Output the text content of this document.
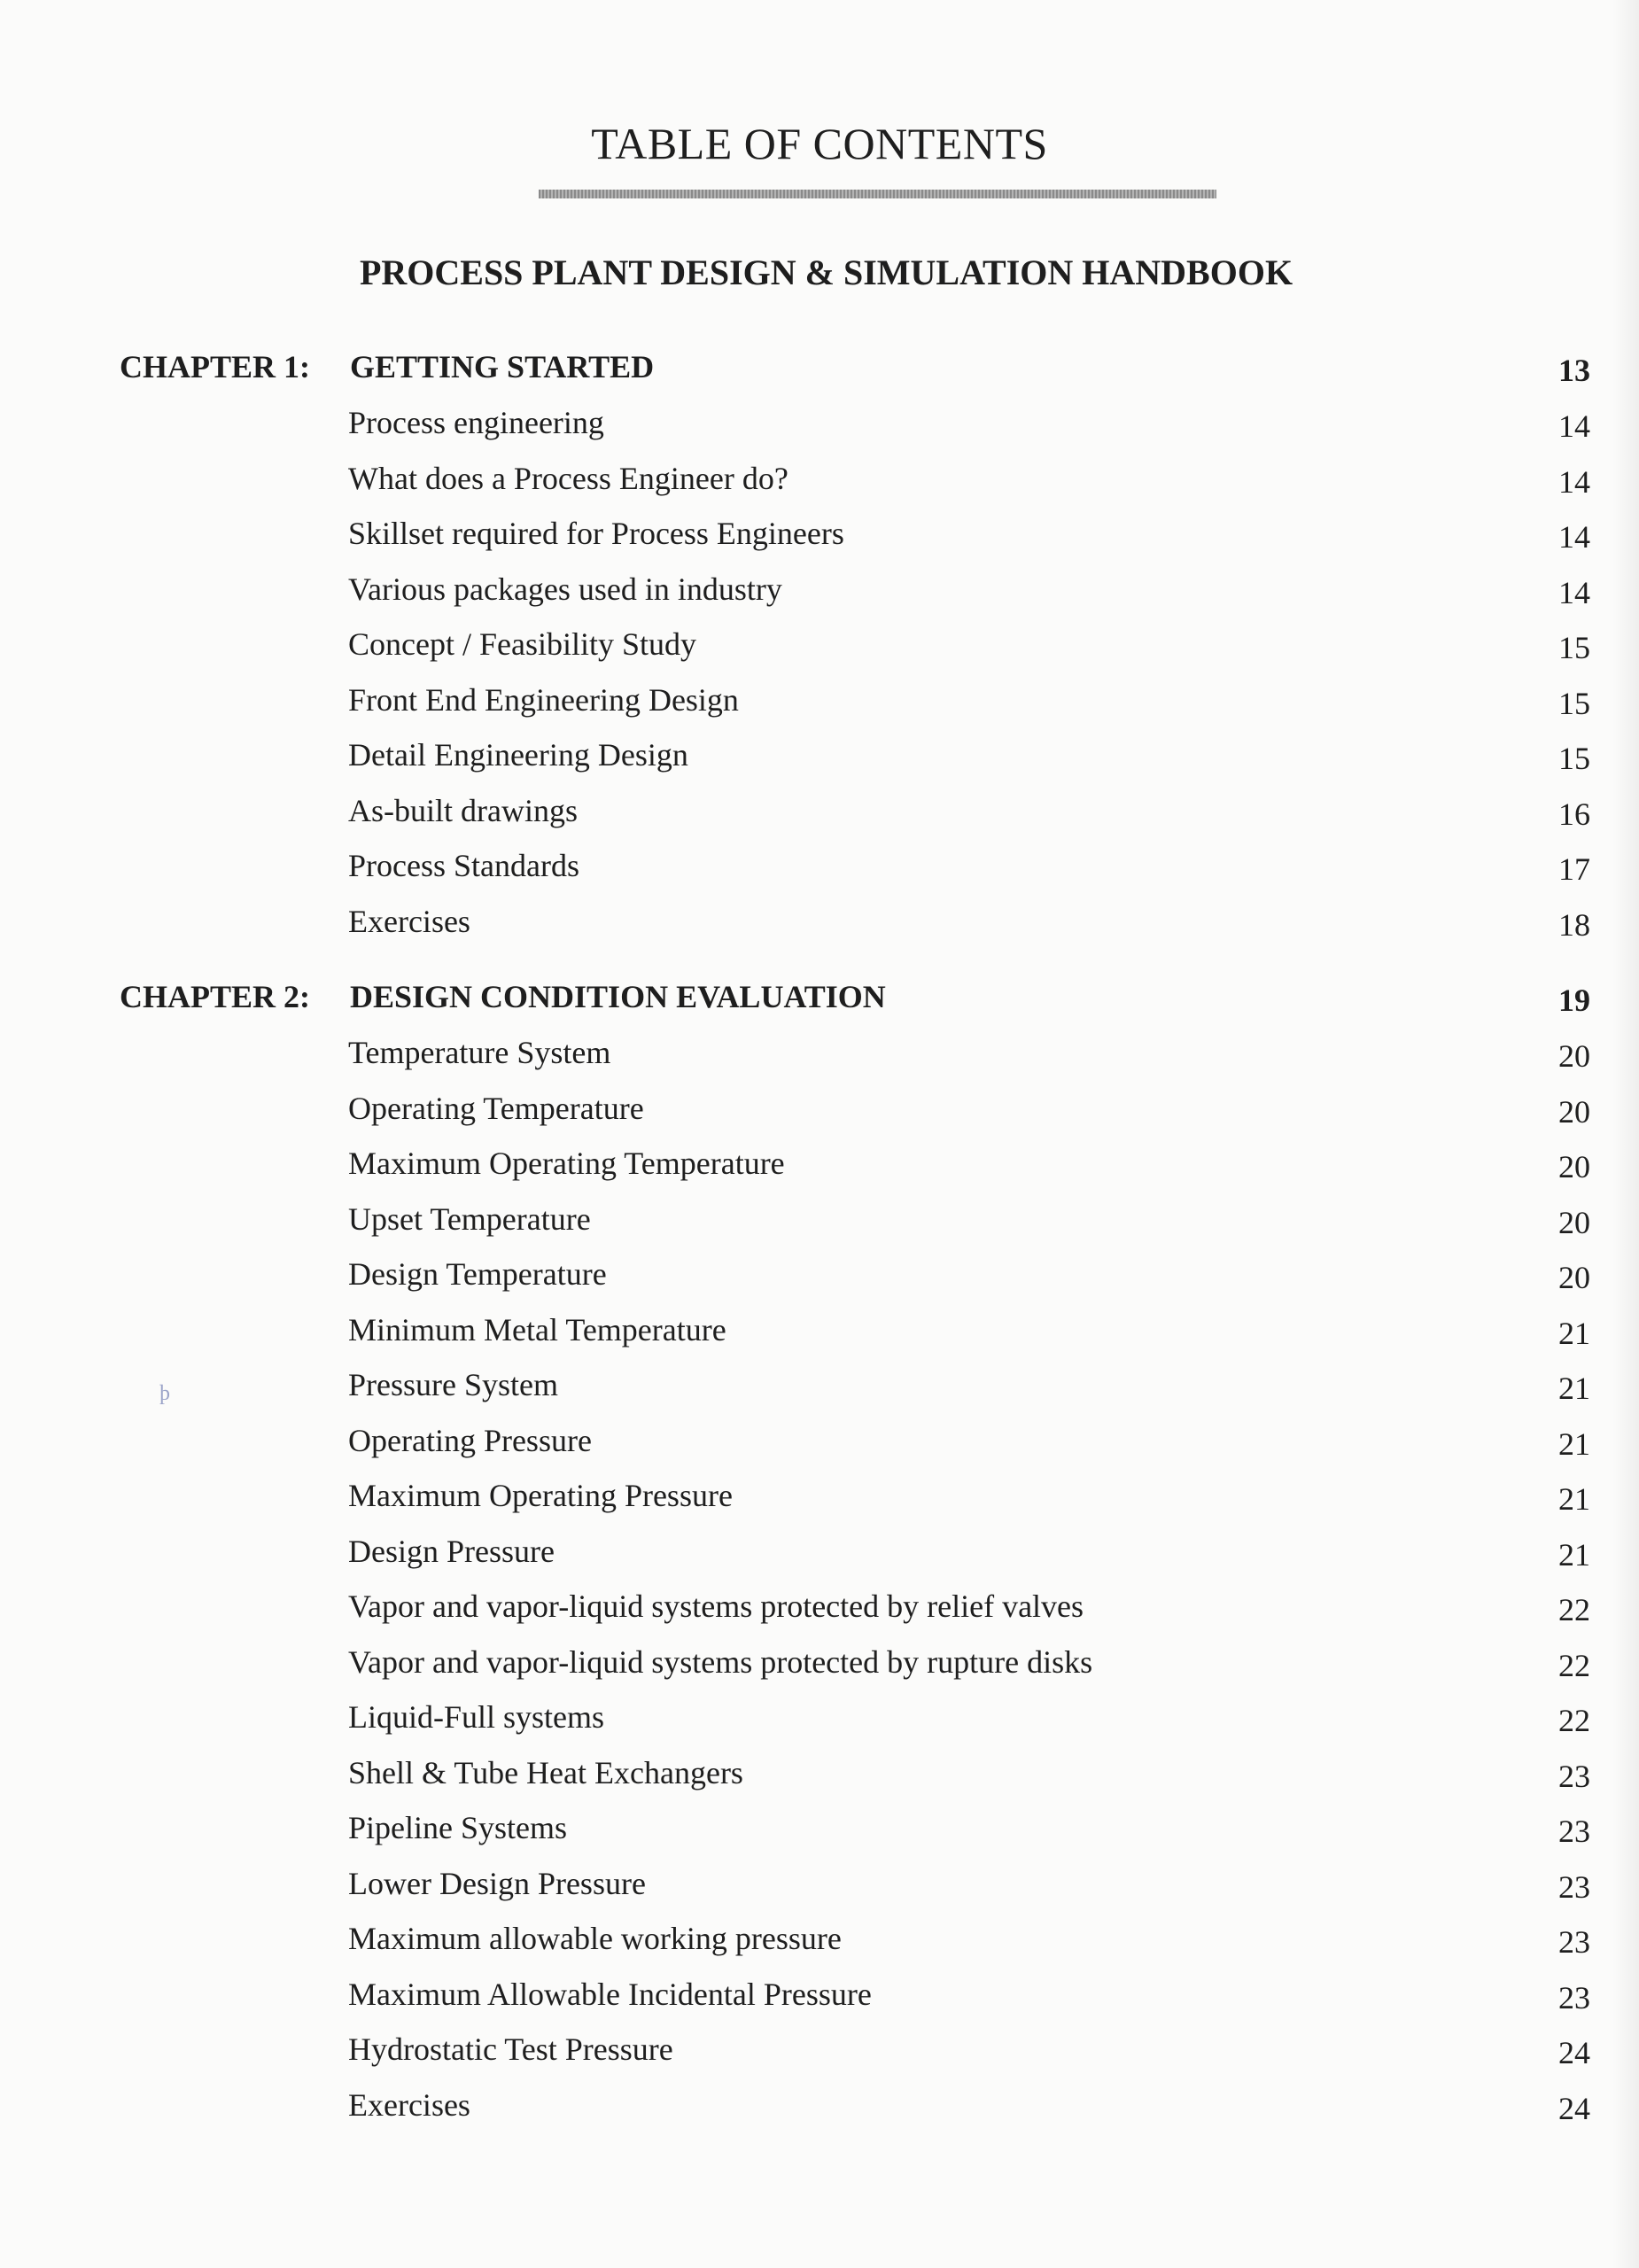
TABLE OF CONTENTS
PROCESS PLANT DESIGN & SIMULATION HANDBOOK
CHAPTER 1: GETTING STARTED	13
Process engineering	14
What does a Process Engineer do?	14
Skillset required for Process Engineers	14
Various packages used in industry	14
Concept / Feasibility Study	15
Front End Engineering Design	15
Detail Engineering Design	15
As-built drawings	16
Process Standards	17
Exercises	18
CHAPTER 2: DESIGN CONDITION EVALUATION	19
Temperature System	20
Operating Temperature	20
Maximum Operating Temperature	20
Upset Temperature	20
Design Temperature	20
Minimum Metal Temperature	21
Pressure System	21
Operating Pressure	21
Maximum Operating Pressure	21
Design Pressure	21
Vapor and vapor-liquid systems protected by relief valves	22
Vapor and vapor-liquid systems protected by rupture disks	22
Liquid-Full systems	22
Shell & Tube Heat Exchangers	23
Pipeline Systems	23
Lower Design Pressure	23
Maximum allowable working pressure	23
Maximum Allowable Incidental Pressure	23
Hydrostatic Test Pressure	24
Exercises	24
þ
